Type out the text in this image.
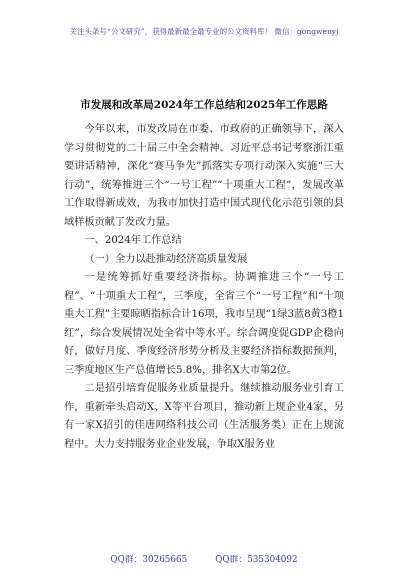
关注头条号“公文研究”，获得最新最全最专业的公文资料库！ 微信：gongwenyj
市发展和改革局2024年工作总结和2025年工作思路

今年以来，市发改局在市委、市政府的正确领导下，深入学习贯彻党的二十届三中全会精神、习近平总书记考察浙江重要讲话精神，深化“赛马争先”抓落实专项行动深入实施“三大行动”，统筹推进三个“一号工程”“十项重大工程”，发展改革工作取得新成效，为我市加快打造中国式现代化示范引领的县域样板贡献了发改力量。

一、2024年工作总结

（一）全力以赴推动经济高质量发展

一是统筹抓好重要经济指标。协调推进三个“一号工程”、“十项重大工程”，三季度，全省三个“一号工程”和“十项重大工程”主要晾晒指标合计16项，我市呈现“1绿3蓝8黄3橙1红”，综合发展情况处全省中等水平。综合调度促GDP企稳向好，做好月度、季度经济形势分析及主要经济指标数据预判，三季度地区生产总值增长5.8%，排名X大市第2位。

二是招引培育促服务业质量提升。继续推动服务业引育工作，重新牵头启动X、X等平台项目，推动新上规企业4家，另有一家X招引的佳唐网络科技公司（生活服务类）正在上规流程中。大力支持服务业企业发展，争取X服务业

QQ群：30265665	QQ群：535304092
